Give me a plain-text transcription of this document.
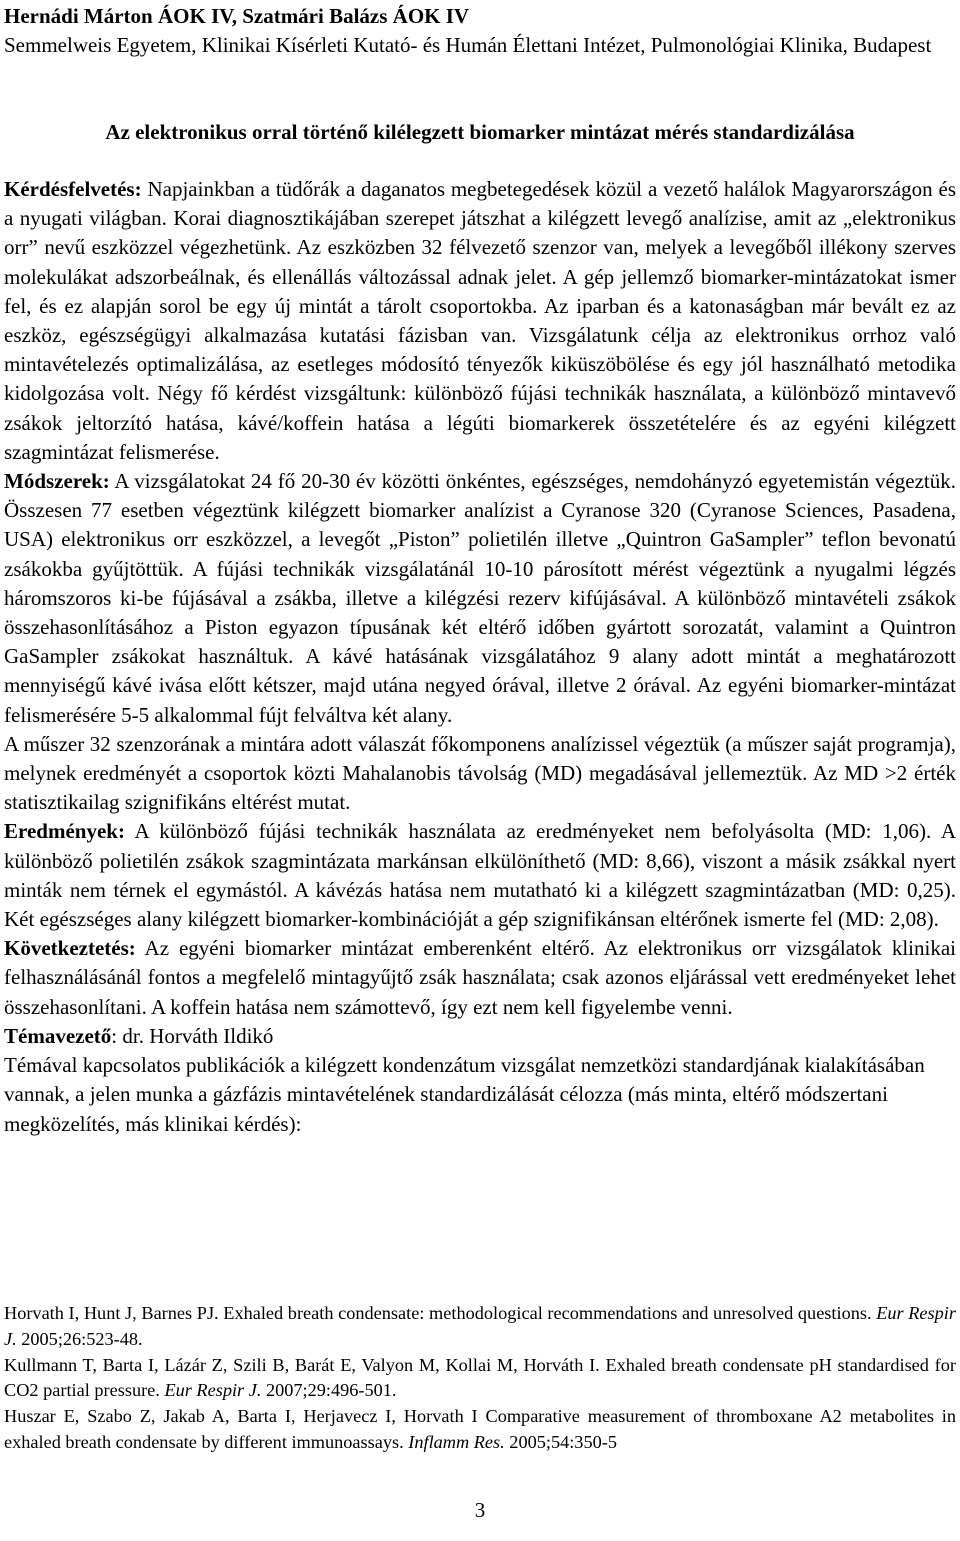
Hernádi Márton ÁOK IV, Szatmári Balázs ÁOK IV
Semmelweis Egyetem, Klinikai Kísérleti Kutató- és Humán Élettani Intézet, Pulmonológiai Klinika, Budapest
Az elektronikus orral történő kilélegzett biomarker mintázat mérés standardizálása

Kérdésfelvetés: Napjainkban a tüdőrák a daganatos megbetegedések közül a vezető halálok Magyarországon és a nyugati világban. Korai diagnosztikájában szerepet játszhat a kilégzett levegő analízise, amit az „elektronikus orr” nevű eszközzel végezhetünk. Az eszközben 32 félvezető szenzor van, melyek a levegőből illékony szerves molekulákat adszorbeálnak, és ellenállás változással adnak jelet. A gép jellemző biomarker-mintázatokat ismer fel, és ez alapján sorol be egy új mintát a tárolt csoportokba. Az iparban és a katonaságban már bevált ez az eszköz, egészségügyi alkalmazása kutatási fázisban van. Vizsgálatunk célja az elektronikus orrhoz való mintavételezés optimalizálása, az esetleges módosító tényezők kiküszöbölése és egy jól használható metodika kidolgozása volt. Négy fő kérdést vizsgáltunk: különböző fújási technikák használata, a különböző mintavevő zsákok jeltorzító hatása, kávé/koffein hatása a légúti biomarkerek összetételére és az egyéni kilégzett szagmintázat felismerése.

Módszerek: A vizsgálatokat 24 fő 20-30 év közötti önkéntes, egészséges, nemdohányzó egyetemistán végeztük. Összesen 77 esetben végeztünk kilégzett biomarker analízist a Cyranose 320 (Cyranose Sciences, Pasadena, USA) elektronikus orr eszközzel, a levegőt „Piston” polietilén illetve „Quintron GaSampler” teflon bevonatú zsákokba gyűjtöttük. A fújási technikák vizsgálatánál 10-10 párosított mérést végeztünk a nyugalmi légzés háromszoros ki-be fújásával a zsákba, illetve a kilégzési rezerv kifújásával. A különböző mintavételi zsákok összehasonlításához a Piston egyazon típusának két eltérő időben gyártott sorozatát, valamint a Quintron GaSampler zsákokat használtuk. A kávé hatásának vizsgálatához 9 alany adott mintát a meghatározott mennyiségű kávé ivása előtt kétszer, majd utána negyed órával, illetve 2 órával. Az egyéni biomarker-mintázat felismerésére 5-5 alkalommal fújt felváltva két alany.

A műszer 32 szenzorának a mintára adott válaszát főkomponens analízissel végeztük (a műszer saját programja), melynek eredményét a csoportok közti Mahalanobis távolság (MD) megadásával jellemeztük. Az MD >2 érték statisztikailag szignifikáns eltérést mutat.

Eredmények: A különböző fújási technikák használata az eredményeket nem befolyásolta (MD: 1,06). A különböző polietilén zsákok szagmintázata markánsan elkülöníthető (MD: 8,66), viszont a másik zsákkal nyert minták nem térnek el egymástól. A kávézás hatása nem mutatható ki a kilégzett szagmintázatban (MD: 0,25). Két egészséges alany kilégzett biomarker-kombinációját a gép szignifikánsan eltérőnek ismerte fel (MD: 2,08).

Következtetés: Az egyéni biomarker mintázat emberenként eltérő. Az elektronikus orr vizsgálatok klinikai felhasználásánál fontos a megfelelő mintagyűjtő zsák használata; csak azonos eljárással vett eredményeket lehet összehasonlítani. A koffein hatása nem számottevő, így ezt nem kell figyelembe venni.

Témavezető: dr. Horváth Ildikó

Témával kapcsolatos publikációk a kilégzett kondenzátum vizsgálat nemzetközi standardjának kialakításában vannak, a jelen munka a gázfázis mintavételének standardizálását célozza (más minta, eltérő módszertani megközelítés, más klinikai kérdés):

Horvath I, Hunt J, Barnes PJ. Exhaled breath condensate: methodological recommendations and unresolved questions. Eur Respir J. 2005;26:523-48.

Kullmann T, Barta I, Lázár Z, Szili B, Barát E, Valyon M, Kollai M, Horváth I. Exhaled breath condensate pH standardised for CO2 partial pressure. Eur Respir J. 2007;29:496-501.

Huszar E, Szabo Z, Jakab A, Barta I, Herjavecz I, Horvath I Comparative measurement of thromboxane A2 metabolites in exhaled breath condensate by different immunoassays. Inflamm Res. 2005;54:350-5

3
